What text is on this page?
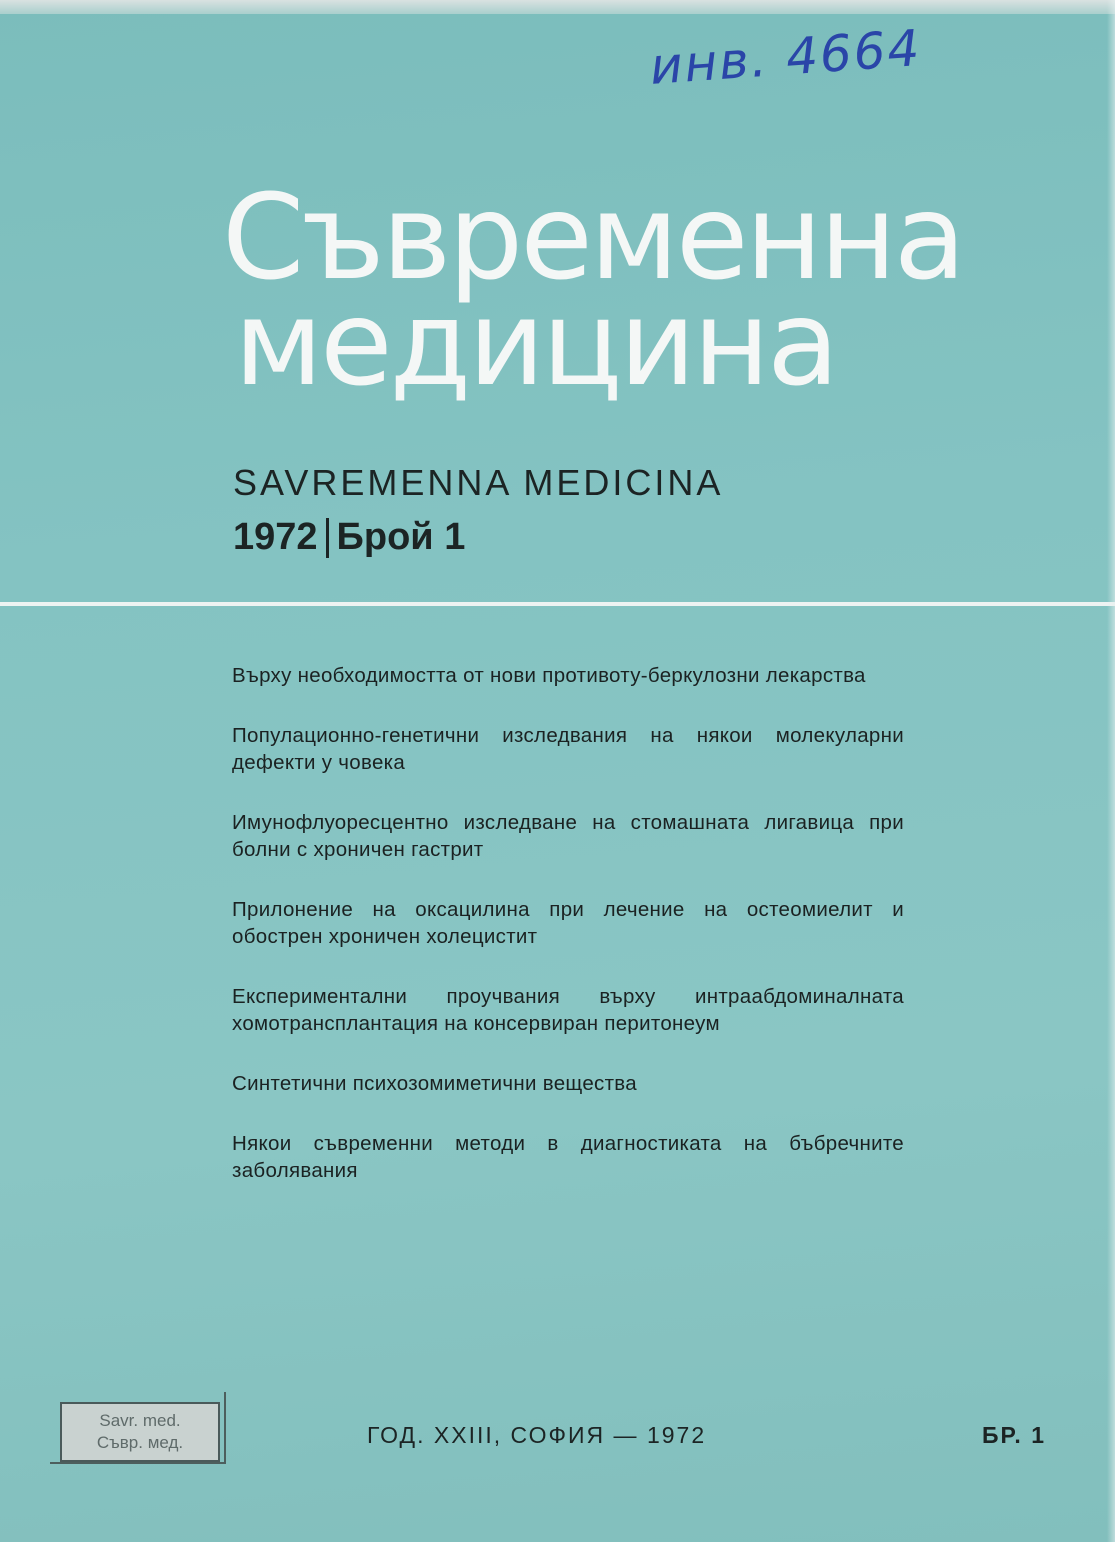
инв. 4664
Съвременна
медицина
SAVREMENNA MEDICINA
1972 Брой 1
Върху необходимостта от нови противоту-беркулозни лекарства
Популационно-генетични изследвания на някои молекуларни дефекти у човека
Имунофлуоресцентно изследване на стомашната лигавица при болни с хроничен гастрит
Прилонение на оксацилина при лечение на остеомиелит и обострен хроничен холецистит
Експериментални проучвания върху интраабдоминалната хомотрансплантация на консервиран перитонеум
Синтетични психозомиметични вещества
Някои съвременни методи в диагностиката на бъбречните заболявания
Savr. med.
Съвр. мед.	ГОД. XXIII, СОФИЯ — 1972	БР. 1
